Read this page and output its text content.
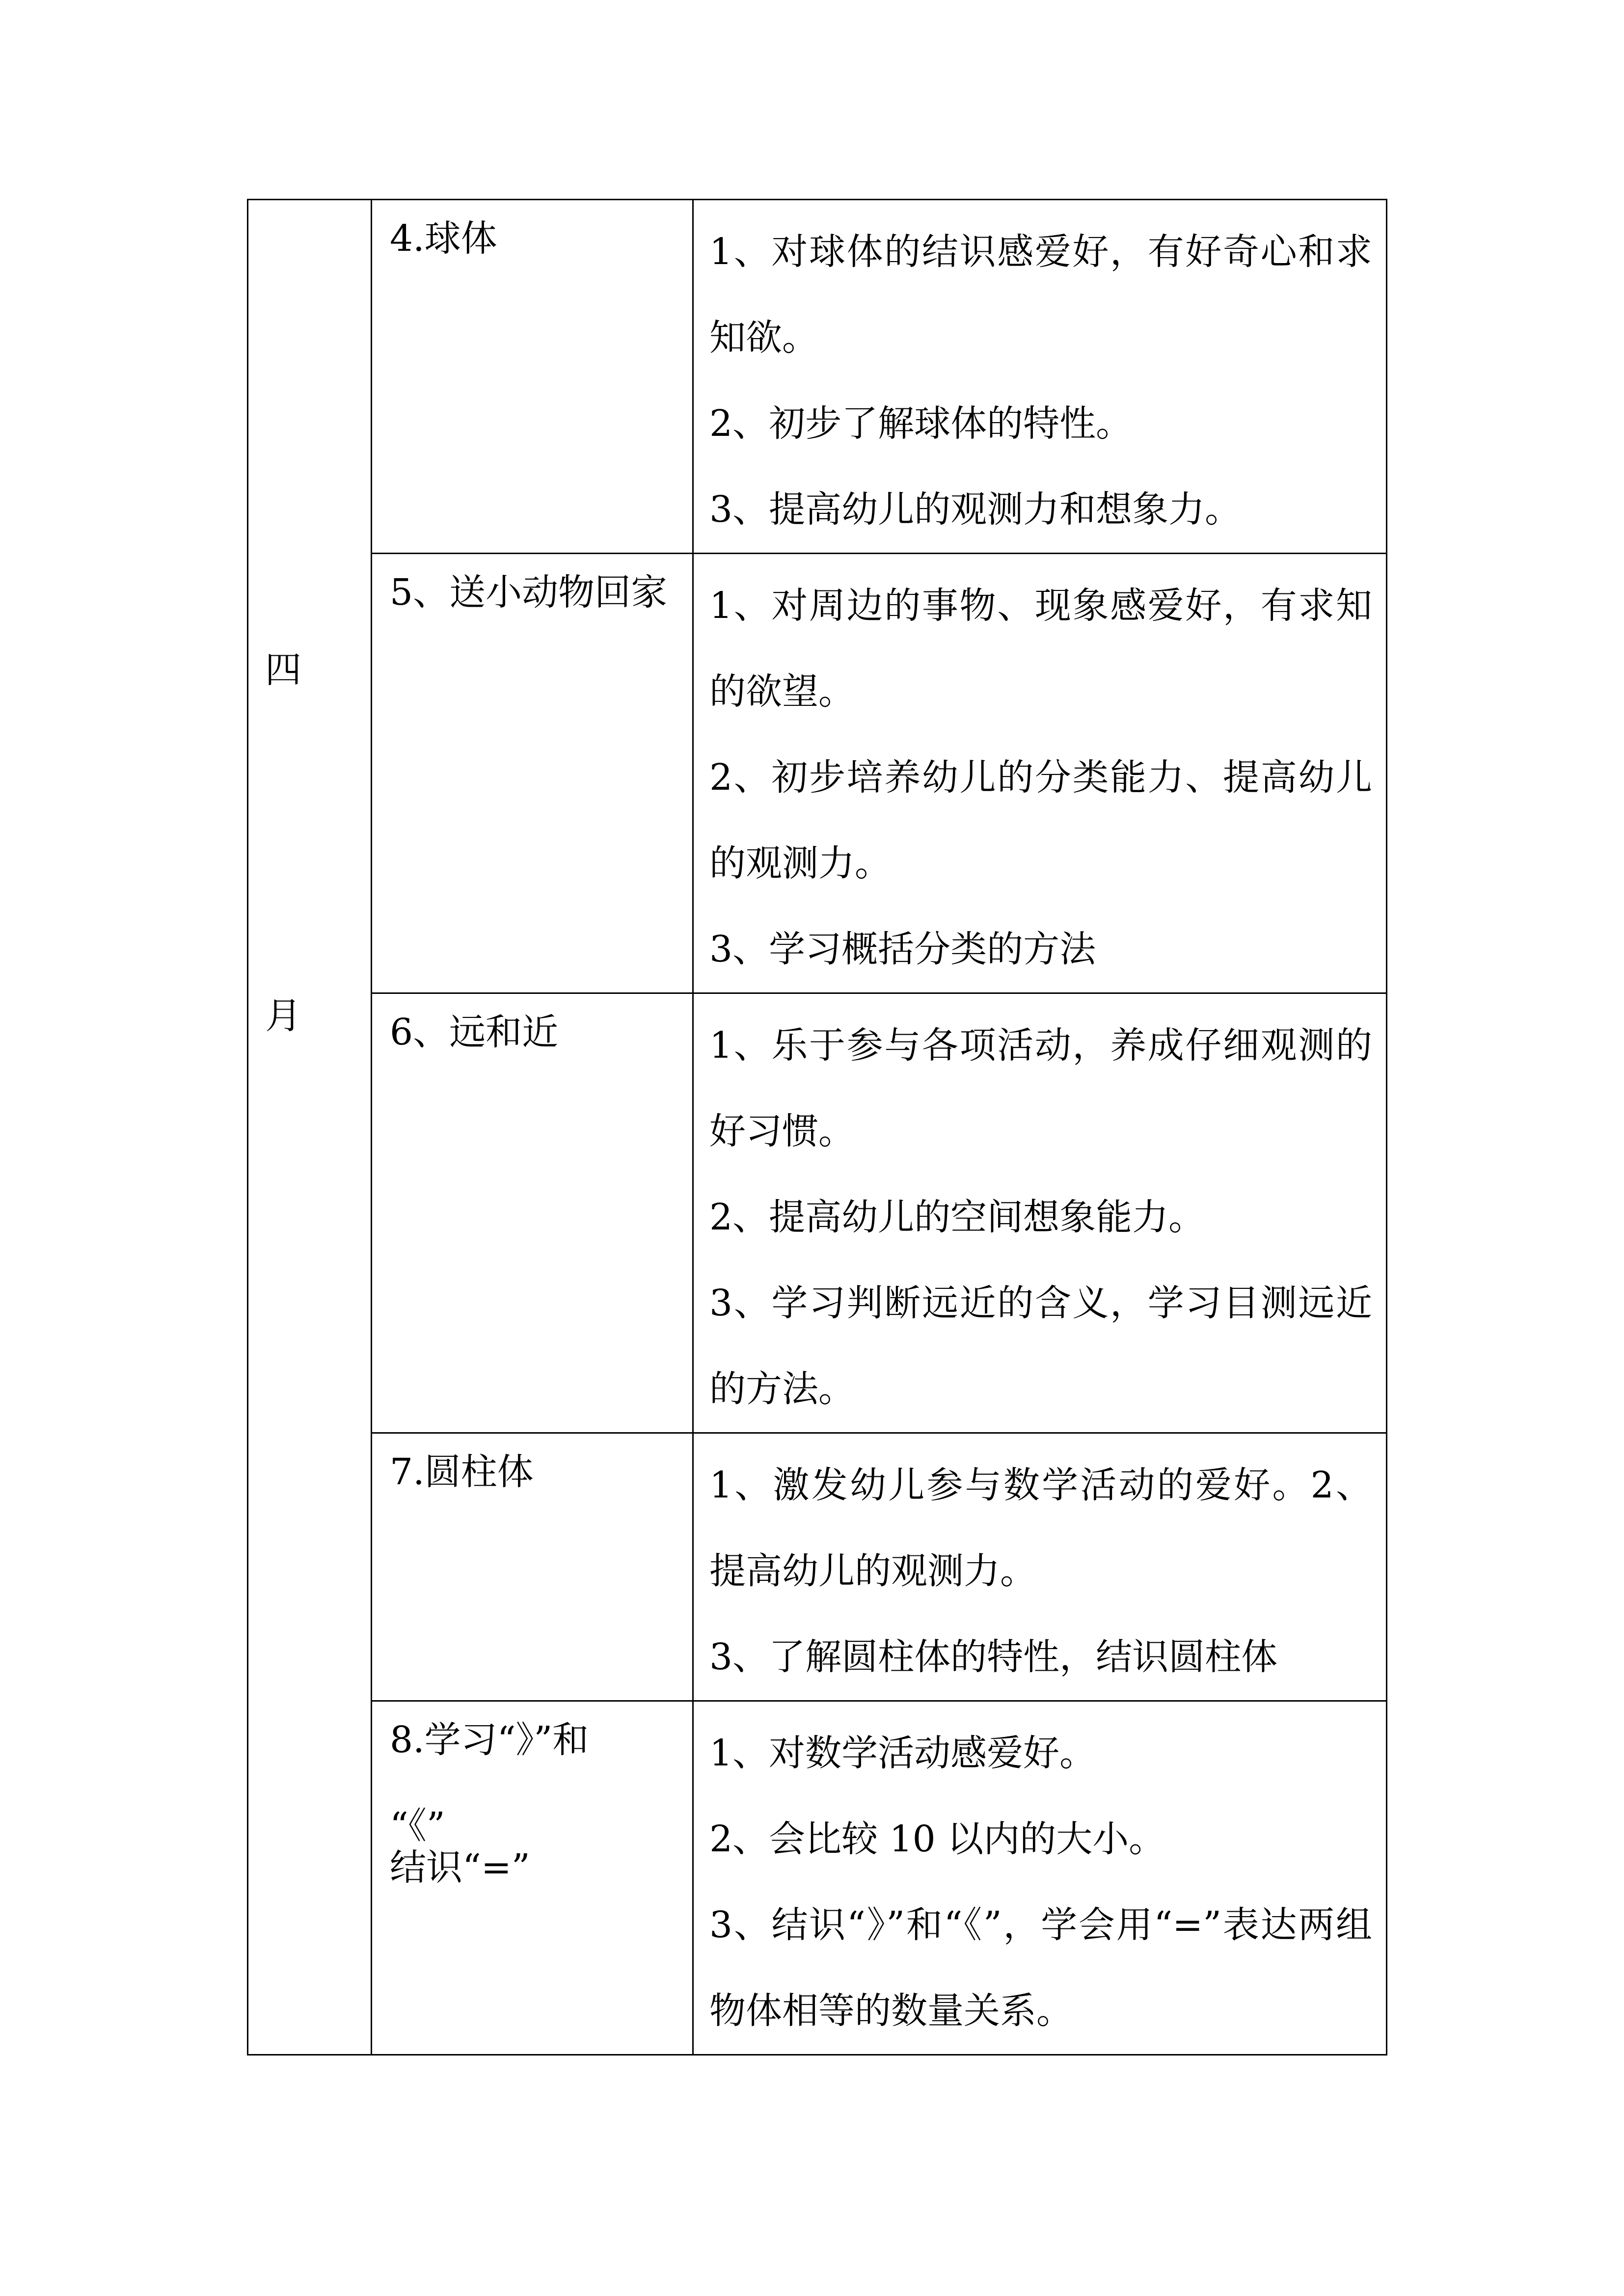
四
月	4.球体	1、对球体的结识感爱好，有好奇心和求知欲。
2、初步了解球体的特性。
3、提高幼儿的观测力和想象力。

	5、送小动物回家	1、对周边的事物、现象感爱好，有求知的欲望。
2、初步培养幼儿的分类能力、提高幼儿的观测力。
3、学习概括分类的方法

	6、远和近	1、乐于参与各项活动，养成仔细观测的好习惯。
2、提高幼儿的空间想象能力。
3、学习判断远近的含义，学习目测远近的方法。

	7.圆柱体	1、激发幼儿参与数学活动的爱好。2、提高幼儿的观测力。
3、了解圆柱体的特性，结识圆柱体

	8.学习“》”和
“《”
结识“=”	1、对数学活动感爱好。
2、会比较 10 以内的大小。
3、结识“》”和“《”，学会用“=”表达两组物体相等的数量关系。
